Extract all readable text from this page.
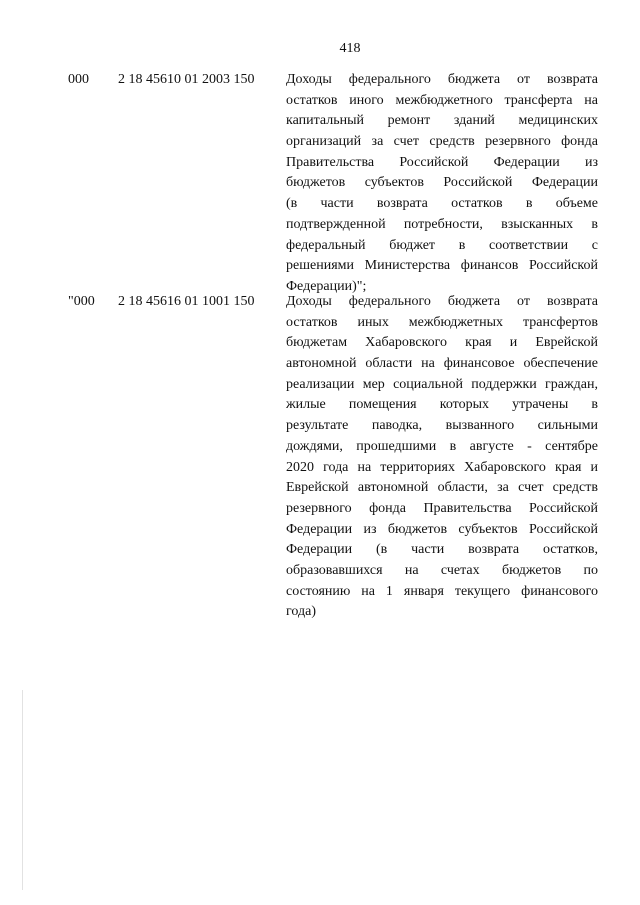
418
000 2 18 45610 01 2003 150 Доходы федерального бюджета от возврата
остатков иного межбюджетного трансферта на
капитальный ремонт зданий медицинских
организаций за счет средств резервного фонда
Правительства Российской Федерации из
бюджетов субъектов Российской Федерации
(в части возврата остатков в объеме
подтвержденной потребности, взысканных в
федеральный бюджет в соответствии с
решениями Министерства финансов Российской
Федерации)";
"000 2 18 45616 01 1001 150 Доходы федерального бюджета от возврата
остатков иных межбюджетных трансфертов
бюджетам Хабаровского края и Еврейской
автономной области на финансовое обеспечение
реализации мер социальной поддержки граждан,
жилые помещения которых утрачены в
результате паводка, вызванного сильными
дождями, прошедшими в августе - сентябре
2020 года на территориях Хабаровского края и
Еврейской автономной области, за счет средств
резервного фонда Правительства Российской
Федерации из бюджетов субъектов Российской
Федерации (в части возврата остатков,
образовавшихся на счетах бюджетов по
состоянию на 1 января текущего финансового
года)
